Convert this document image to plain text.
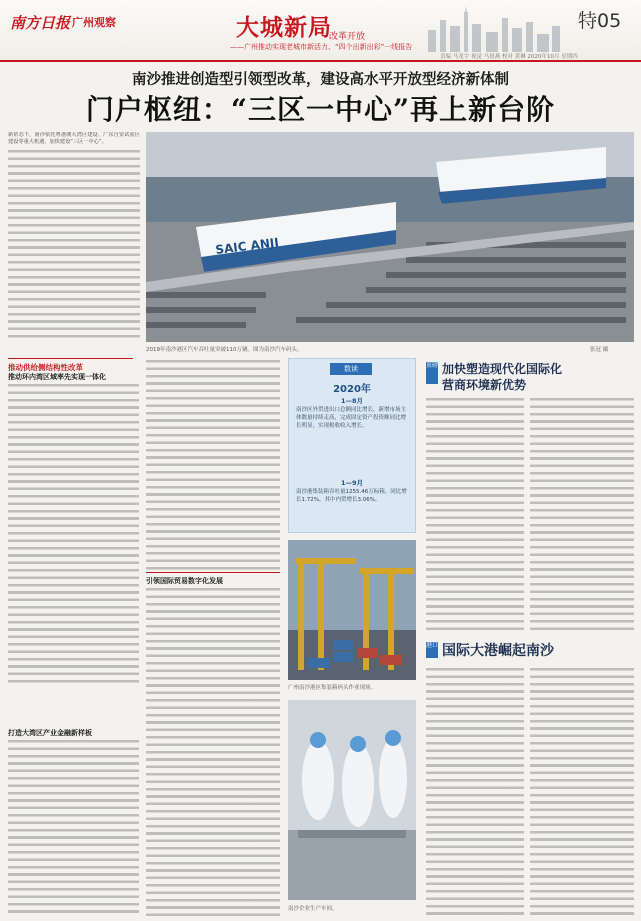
南方日报 广州观察	大城新局
改革开放
——广州推动实现老城市新活力、“四个出新出彩”一线报告
特05
责编 马龙宇 视觉 马晨燕 校对 黄琳 2020年10月 星期四
南沙推进创造型引领型改革，建设高水平开放型经济新体制
门户枢纽：“三区一中心”再上新台阶
新常态下，南沙依托粤港澳大湾区建设、广东自贸试验区建设等重大机遇，加快建设“三区一中心”。
SAIC ANJI
2019年南沙港区汽车吞吐量突破110万辆。图为南沙汽车码头。	张冠 摄
推动供给侧结构性改革
推动环内湾区域率先实现一体化
打造大湾区产业金融新样板
数读
2020年
1—8月
南沙区外贸进出口总额同比增长，新增市场主体数量持续走高，完成固定资产投资额同比增长明显，实现税收收入增长。
1—9月
南沙港集装箱吞吐量1255.46万标箱，同比增长1.72%，其中内贸增长3.06%。
引领国际贸易数字化发展
广州南沙港区集装箱码头作业现场。
南沙企业生产车间。
重磅 加快塑造现代化国际化
营商环境新优势
港口 国际大港崛起南沙
